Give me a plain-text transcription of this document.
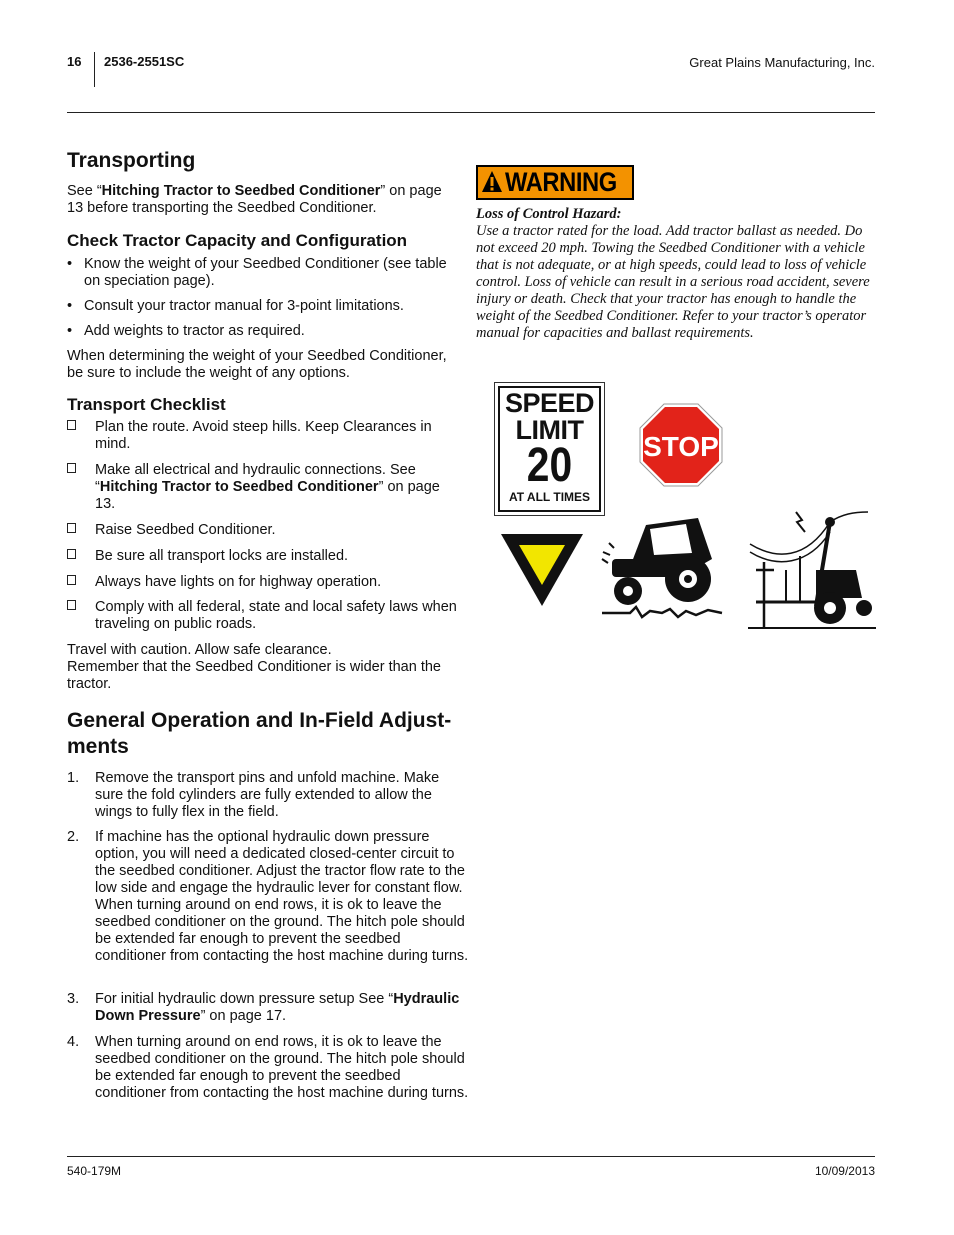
16 2536-2551SC	Great Plains Manufacturing, Inc.
Transporting

See “Hitching Tractor to Seedbed Conditioner” on page 13 before transporting the Seedbed Conditioner.

Check Tractor Capacity and Configuration
• Know the weight of your Seedbed Conditioner (see table on speciation page).
• Consult your tractor manual for 3-point limitations.
• Add weights to tractor as required.

When determining the weight of your Seedbed Conditioner, be sure to include the weight of any options.

Transport Checklist
Plan the route. Avoid steep hills. Keep Clearances in mind.
Make all electrical and hydraulic connections. See “Hitching Tractor to Seedbed Conditioner” on page 13.
Raise Seedbed Conditioner.
Be sure all transport locks are installed.
Always have lights on for highway operation.
Comply with all federal, state and local safety laws when traveling on public roads.

Travel with caution. Allow safe clearance.

Remember that the Seedbed Conditioner is wider than the tractor.

General Operation and In-Field Adjust-
ments
1. Remove the transport pins and unfold machine. Make sure the fold cylinders are fully extended to allow the wings to fully flex in the field.
2. If machine has the optional hydraulic down pressure option, you will need a dedicated closed-center circuit to the seedbed conditioner. Adjust the tractor flow rate to the low side and engage the hydraulic lever for constant flow. When turning around on end rows, it is ok to leave the seedbed conditioner on the ground. The hitch pole should be extended far enough to prevent the seedbed conditioner from contacting the host machine during turns.
3. For initial hydraulic down pressure setup See “Hydraulic Down Pressure” on page 17.
4. When turning around on end rows, it is ok to leave the seedbed conditioner on the ground. The hitch pole should be extended far enough to prevent the seedbed conditioner from contacting the host machine during turns.
WARNING
Loss of Control Hazard:
Use a tractor rated for the load. Add tractor ballast as needed. Do not exceed 20 mph. Towing the Seedbed Conditioner with a vehicle that is not adequate, or at high speeds, could lead to loss of vehicle control. Loss of vehicle can result in a serious road accident, severe injury or death. Check that your tractor has enough to handle the weight of the Seedbed Conditioner. Refer to your tractor’s operator manual for capacities and ballast requirements.
SPEED
LIMIT
20
AT ALL TIMES
STOP
540-179M	10/09/2013
